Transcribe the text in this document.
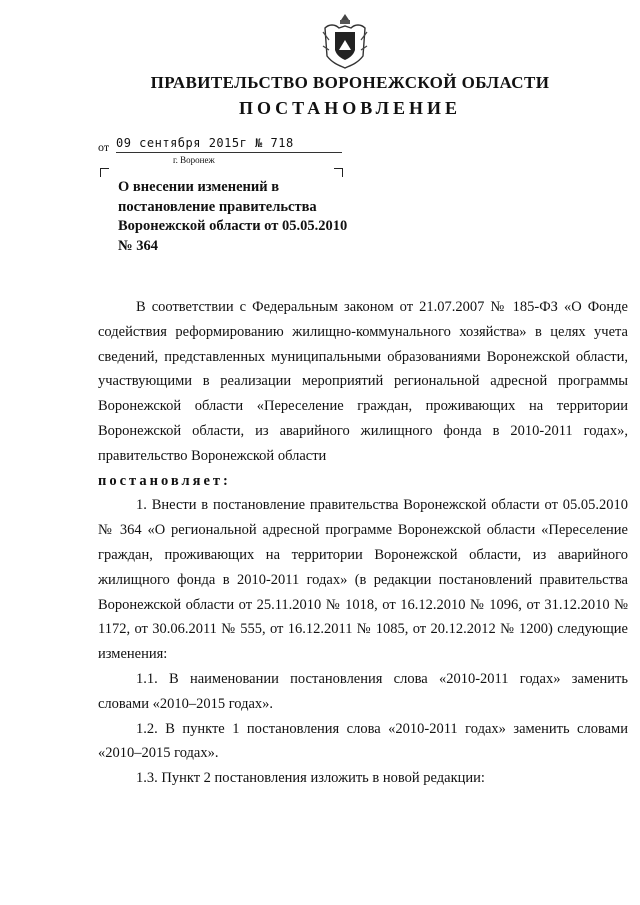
ПРАВИТЕЛЬСТВО ВОРОНЕЖСКОЙ ОБЛАСТИ
ПОСТАНОВЛЕНИЕ
от 09 сентября 2015г № 718
г. Воронеж

О внесении изменений в постановление правительства Воронежской области от 05.05.2010 № 364

В соответствии с Федеральным законом от 21.07.2007 № 185-ФЗ «О Фонде содействия реформированию жилищно-коммунального хозяйства» в целях учета сведений, представленных муниципальными образованиями Воронежской области, участвующими в реализации мероприятий региональной адресной программы Воронежской области «Переселение граждан, проживающих на территории Воронежской области, из аварийного жилищного фонда в 2010-2011 годах», правительство Воронежской области

постановляет:

1. Внести в постановление правительства Воронежской области от 05.05.2010 № 364 «О региональной адресной программе Воронежской области «Переселение граждан, проживающих на территории Воронежской области, из аварийного жилищного фонда в 2010-2011 годах» (в редакции постановлений правительства Воронежской области от 25.11.2010 № 1018, от 16.12.2010 № 1096, от 31.12.2010 № 1172, от 30.06.2011 № 555, от 16.12.2011 № 1085, от 20.12.2012 № 1200) следующие изменения:

1.1. В наименовании постановления слова «2010-2011 годах» заменить словами «2010–2015 годах».

1.2. В пункте 1 постановления слова «2010-2011 годах» заменить словами «2010–2015 годах».

1.3. Пункт 2 постановления изложить в новой редакции:
